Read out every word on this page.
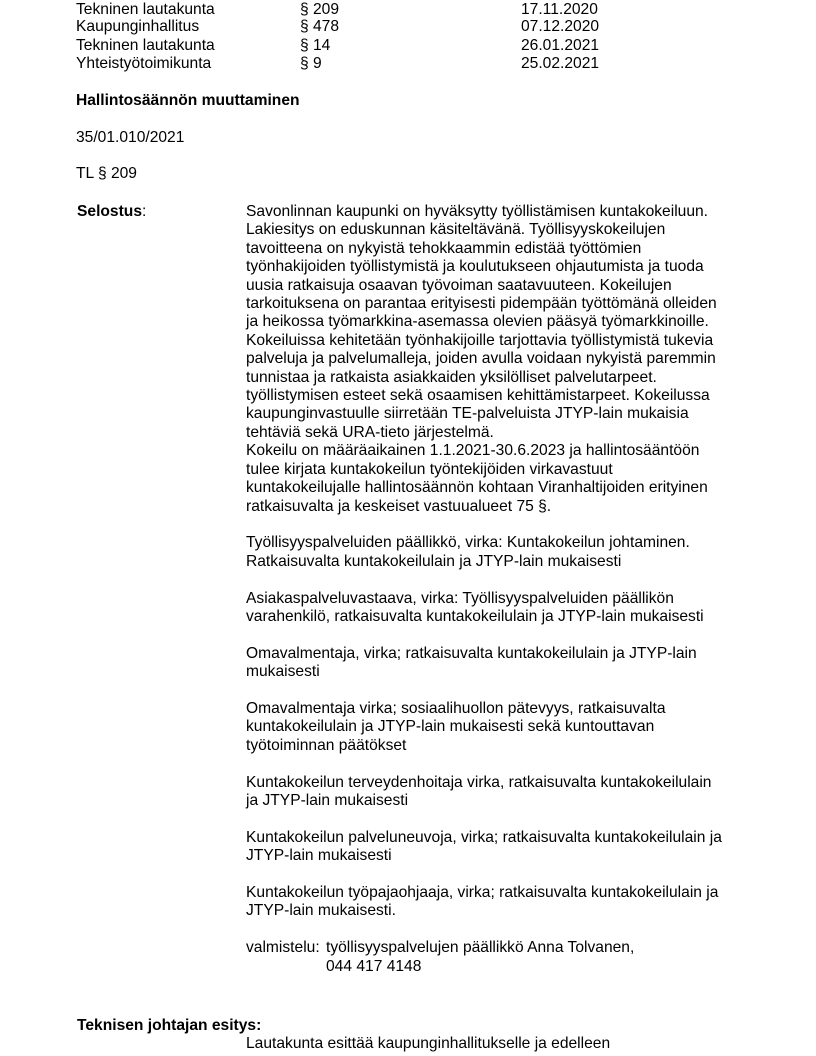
Tekninen lautakunta	§ 209	17.11.2020
Kaupunginhallitus	§ 478	07.12.2020
Tekninen lautakunta	§ 14	26.01.2021
Yhteistyötoimikunta	§ 9	25.02.2021
Hallintosäännön muuttaminen
35/01.010/2021
TL § 209
Selostus:	Savonlinnan kaupunki on hyväksytty työllistämisen kuntakokeiluun.
Lakiesitys on eduskunnan käsiteltävänä. Työllisyyskokeilujen
tavoitteena on nykyistä tehokkaammin edistää työttömien
työnhakijoiden työllistymistä ja koulutukseen ohjautumista ja tuoda
uusia ratkaisuja osaavan työvoiman saatavuuteen. Kokeilujen
tarkoituksena on parantaa erityisesti pidempään työttömänä olleiden
ja heikossa työmarkkina-asemassa olevien pääsyä työmarkkinoille.
Kokeiluissa kehitetään työnhakijoille tarjottavia työllistymistä tukevia
palveluja ja palvelumalleja, joiden avulla voidaan nykyistä paremmin
tunnistaa ja ratkaista asiakkaiden yksilölliset palvelutarpeet.
työllistymisen esteet sekä osaamisen kehittämistarpeet. Kokeilussa
kaupunginvastuulle siirretään TE-palveluista JTYP-lain mukaisia
tehtäviä sekä URA-tieto järjestelmä.
Kokeilu on määräaikainen 1.1.2021-30.6.2023 ja hallintosääntöön
tulee kirjata kuntakokeilun työntekijöiden virkavastuut
kuntakokeilujalle hallintosäännön kohtaan Viranhaltijoiden erityinen
ratkaisuvalta ja keskeiset vastuualueet 75 §.

Työllisyyspalveluiden päällikkö, virka: Kuntakokeilun johtaminen.
Ratkaisuvalta kuntakokeilulain ja JTYP-lain mukaisesti

Asiakaspalveluvastaava, virka: Työllisyyspalveluiden päällikön
varahenkilö, ratkaisuvalta kuntakokeilulain ja JTYP-lain mukaisesti

Omavalmentaja, virka; ratkaisuvalta kuntakokeilulain ja JTYP-lain
mukaisesti

Omavalmentaja virka; sosiaalihuollon pätevyys, ratkaisuvalta
kuntakokeilulain ja JTYP-lain mukaisesti sekä kuntouttavan
työtoiminnan päätökset

Kuntakokeilun terveydenhoitaja virka, ratkaisuvalta kuntakokeilulain
ja JTYP-lain mukaisesti

Kuntakokeilun palveluneuvoja, virka; ratkaisuvalta kuntakokeilulain ja
JTYP-lain mukaisesti

Kuntakokeilun työpajaohjaaja, virka; ratkaisuvalta kuntakokeilulain ja
JTYP-lain mukaisesti.

valmistelu: työllisyyspalvelujen päällikkö Anna Tolvanen,
044 417 4148
Teknisen johtajan esitys:
Lautakunta esittää kaupunginhallitukselle ja edelleen
